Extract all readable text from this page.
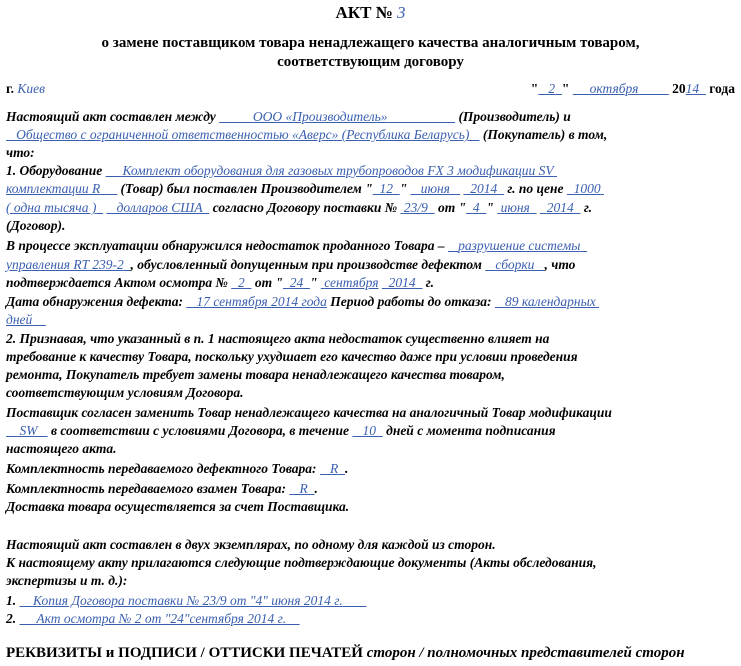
АКТ № 3
о замене поставщиком товара ненадлежащего качества аналогичным товаром,
соответствующим договору
г. Киев	" 2 "      октября	2014 года
Настоящий акт составлен между	ООО «Производитель»	(Производитель) и
Общество с ограниченной ответственностью «Аверс» (Республика Беларусь) (Покупатель) в том,
что:
1. Оборудование Комплект оборудования для газовых трубопроводов FX 3 модификации SV
комплектации R (Товар) был поставлен Производителем " 12 "    июня 2014 г. по цене 1000
( одна тысяча ) долларов США согласно Договору поставки № 23/9 от " 4 "  июня 2014 г.
(Договор).
В процессе эксплуатации обнаружился недостаток проданного Товара – разрушение системы
управления RT 239-2 , обусловленный допущенным при производстве дефектом сборки , что
подтверждается Актом осмотра № 2 от " 24 "  сентября 2014 г.
Дата обнаружения дефекта: 17 сентября 2014 года Период работы до отказа: 89 календарных
дней
2. Признавая, что указанный в п. 1 настоящего акта недостаток существенно влияет на
требование к качеству Товара, поскольку ухудшает его качество даже при условии проведения
ремонта, Покупатель требует замены товара ненадлежащего качества товаром,
соответствующим условиям Договора.
Поставщик согласен заменить Товар ненадлежащего качества на аналогичный Товар модификации
SW в соответствии с условиями Договора, в течение 10 дней с момента подписания
настоящего акта.
Комплектность передаваемого дефектного Товара: R .
Комплектность передаваемого взамен Товара: R .
Доставка товара осуществляется за счет Поставщика.
Настоящий акт составлен в двух экземплярах, по одному для каждой из сторон.
К настоящему акту прилагаются следующие подтверждающие документы (Акты обследования,
экспертизы и т. д.):
1. Копия Договора поставки № 23/9 от "4" июня 2014 г.
2. Акт осмотра № 2 от "24"сентября 2014 г.
РЕКВИЗИТЫ и ПОДПИСИ / ОТТИСКИ ПЕЧАТЕЙ сторон / полномочных представителей сторон
